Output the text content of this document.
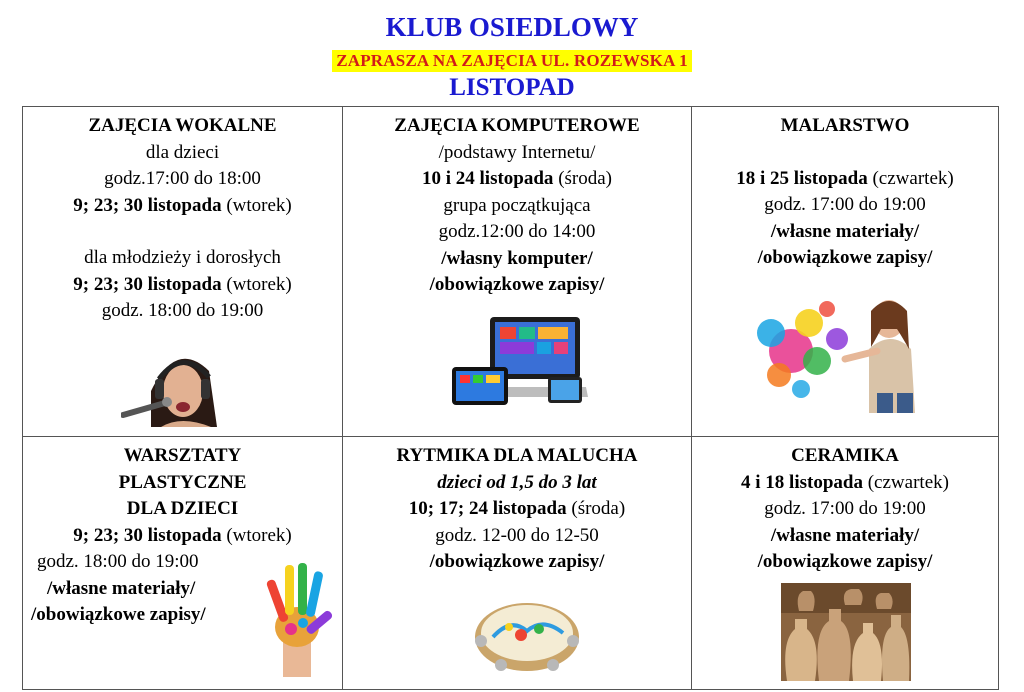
KLUB OSIEDLOWY
ZAPRASZA NA ZAJĘCIA UL. ROZEWSKA 1
LISTOPAD
ZAJĘCIA WOKALNE
dla dzieci
godz.17:00 do 18:00
9; 23; 30 listopada (wtorek)
dla młodzieży i dorosłych
9; 23; 30 listopada (wtorek)
godz. 18:00 do 19:00
ZAJĘCIA KOMPUTEROWE
/podstawy Internetu/
10 i 24 listopada (środa)
grupa początkująca
godz.12:00 do 14:00
/własny komputer/
/obowiązkowe zapisy/
MALARSTWO
18 i 25 listopada (czwartek)
godz. 17:00 do 19:00
/własne materiały/
/obowiązkowe zapisy/
WARSZTATY
PLASTYCZNE
DLA DZIECI
9; 23; 30 listopada (wtorek)
godz. 18:00 do 19:00
/własne materiały/
/obowiązkowe zapisy/
RYTMIKA DLA MALUCHA
dzieci od 1,5 do 3 lat
10; 17; 24 listopada (środa)
godz. 12-00 do 12-50
/obowiązkowe zapisy/
CERAMIKA
4 i 18 listopada (czwartek)
godz. 17:00 do 19:00
/własne materiały/
/obowiązkowe zapisy/
